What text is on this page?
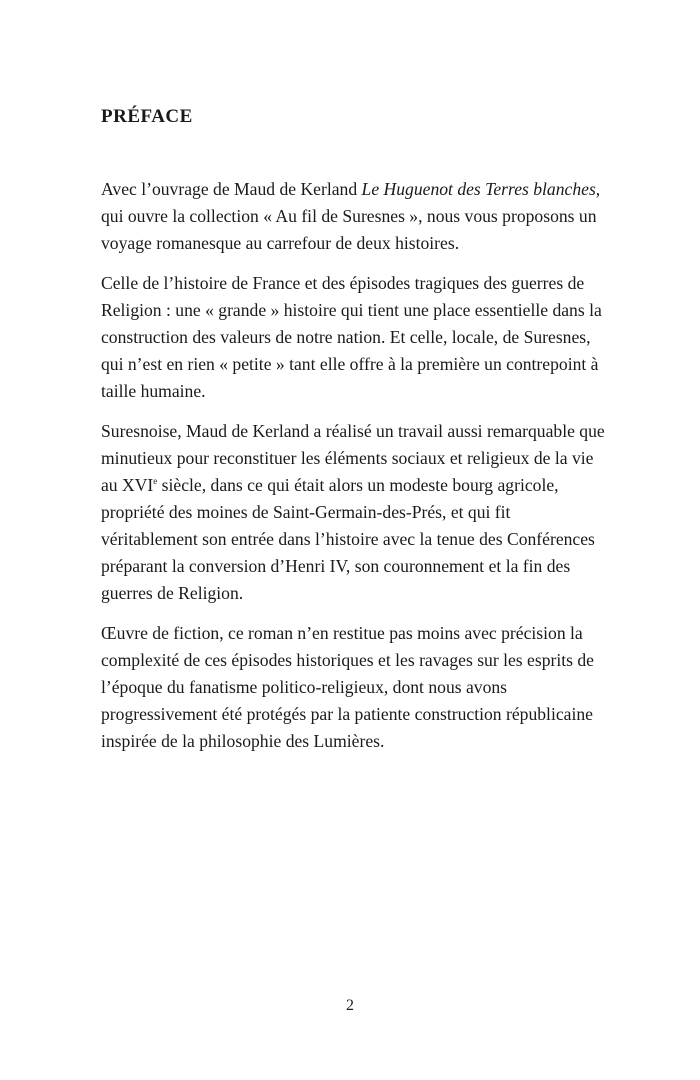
PRÉFACE

Avec l’ouvrage de Maud de Kerland Le Huguenot des Terres blanches, qui ouvre la collection « Au fil de Suresnes », nous vous proposons un voyage romanesque au carrefour de deux histoires.

Celle de l’histoire de France et des épisodes tragiques des guerres de Religion : une « grande » histoire qui tient une place essentielle dans la construction des valeurs de notre nation. Et celle, locale, de Suresnes, qui n’est en rien « petite » tant elle offre à la première un contrepoint à taille humaine.

Suresnoise, Maud de Kerland a réalisé un travail aussi remarquable que minutieux pour reconstituer les éléments sociaux et religieux de la vie au XVIe siècle, dans ce qui était alors un modeste bourg agricole, propriété des moines de Saint-Germain-des-Prés, et qui fit véritablement son entrée dans l’histoire avec la tenue des Conférences préparant la conversion d’Henri IV, son couronnement et la fin des guerres de Religion.

Œuvre de fiction, ce roman n’en restitue pas moins avec précision la complexité de ces épisodes historiques et les ravages sur les esprits de l’époque du fanatisme politico-religieux, dont nous avons progressivement été protégés par la patiente construction républicaine inspirée de la philosophie des Lumières.

2
